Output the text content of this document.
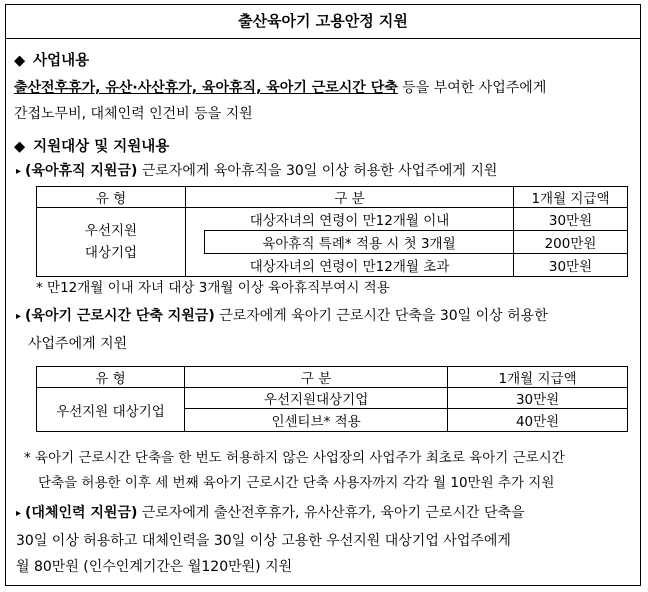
출산육아기 고용안정 지원
◆ 사업내용
출산전후휴가, 유산·사산휴가, 육아휴직, 육아기 근로시간 단축 등을 부여한 사업주에게
간접노무비, 대체인력 인건비 등을 지원
◆ 지원대상 및 지원내용
▸ (육아휴직 지원금) 근로자에게 육아휴직을 30일 이상 허용한 사업주에게 지원
유 형	구 분		1개월 지급액

우선지원
대상기업	대상자녀의 연령이 만12개월 이내		30만원
		육아휴직 특례* 적용 시 첫 3개월	200만원
	대상자녀의 연령이 만12개월 초과		30만원
* 만12개월 이내 자녀 대상 3개월 이상 육아휴직부여시 적용
▸ (육아기 근로시간 단축 지원금) 근로자에게 육아기 근로시간 단축을 30일 이상 허용한
사업주에게 지원
유 형	구 분	1개월 지급액
우선지원 대상기업	우선지원대상기업	30만원
	인센티브* 적용	40만원
* 육아기 근로시간 단축을 한 번도 허용하지 않은 사업장의 사업주가 최초로 육아기 근로시간
단축을 허용한 이후 세 번째 육아기 근로시간 단축 사용자까지 각각 월 10만원 추가 지원
▸ (대체인력 지원금) 근로자에게 출산전후휴가, 유사산휴가, 육아기 근로시간 단축을
30일 이상 허용하고 대체인력을 30일 이상 고용한 우선지원 대상기업 사업주에게
월 80만원 (인수인계기간은 월120만원) 지원
